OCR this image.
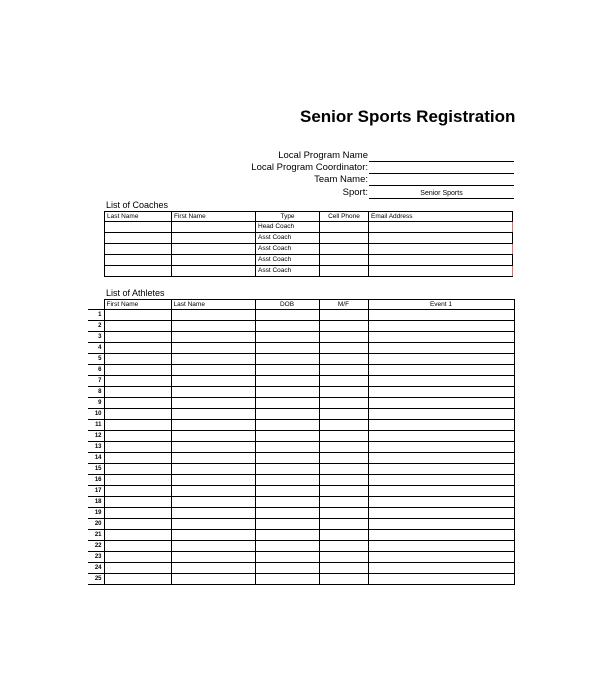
Senior Sports Registration
Local Program Name
Local Program Coordinator:
Team Name:
Sport:	Senior Sports
List of Coaches
Last Name	First Name	Type	Cell Phone	Email Address
		Head Coach		
		Asst Coach		
		Asst Coach		
		Asst Coach		
		Asst Coach		
List of Athletes
	First Name	Last Name	DOB	M/F	Event 1
1					
2					
3					
4					
5					
6					
7					
8					
9					
10					
11					
12					
13					
14					
15					
16					
17					
18					
19					
20					
21					
22					
23					
24					
25					
